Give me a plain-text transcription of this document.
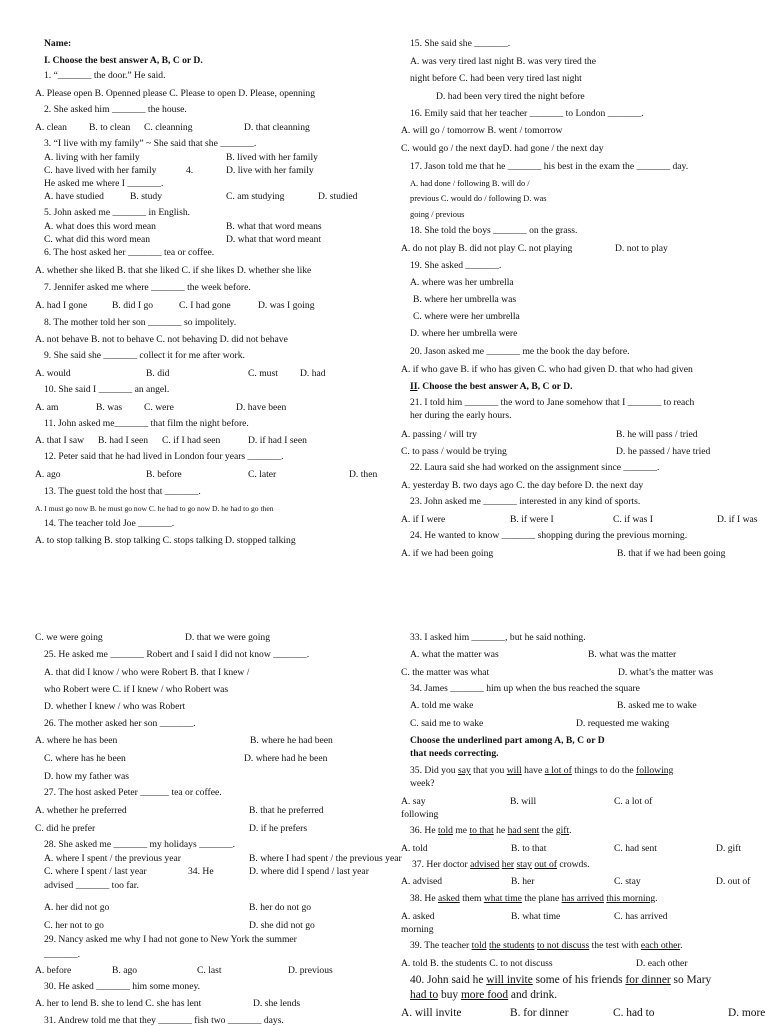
Name:
I. Choose the best answer A, B, C or D.
1. “_______ the door.” He said.
A. Please open B. Openned please C. Please to open D. Please, openning
2. She asked him _______ the house.
A. clean B. to clean C. cleanning	D. that cleanning
3. “I live with my family” ~ She said that she _______.
A. living with her family	B. lived with her family
C. have lived with her family	4.	D. live with her family
He asked me where I _______.
A. have studied	B. study	C. am studying	D. studied
5. John asked me _______ in English.
A. what does this word mean	B. what that word means
C. what did this word mean	D. what that word meant
6. The host asked her _______ tea or coffee.
A. whether she liked B. that she liked C. if she likes D. whether she like
7. Jennifer asked me where _______ the week before.
A. had I gone	B. did I go	C. I had gone	D. was I going
8. The mother told her son _______ so impolitely.
A. not behave B. not to behave C. not behaving D. did not behave
9. She said she _______ collect it for me after work.
A. would	B. did	C. must D. had
10. She said I _______ an angel.
A. am	B. was C. were	D. have been
11. John asked me_______ that film the night before.
A. that I saw B. had I seen C. if I had seen	D. if had I seen
12. Peter said that he had lived in London four years _______.
A. ago	B. before	C. later	D. then
13. The guest told the host that _______.
A. I must go now B. he must go now C. he had to go now D. he had to go then
14. The teacher told Joe _______.
A. to stop talking B. stop talking C. stops talking D. stopped talking
15. She said she _______.
A. was very tired last night B. was very tired the
night before C. had been very tired last night
D. had been very tired the night before
16. Emily said that her teacher _______ to London _______.
A. will go / tomorrow B. went / tomorrow
C. would go / the next dayD. had gone / the next day
17. Jason told me that he _______ his best in the exam the _______ day.
A. had done / following B. will do /
previous C. would do / following D. was
going / previous
18. She told the boys _______ on the grass.
A. do not play B. did not play C. not playing	D. not to play
19. She asked _______.
A. where was her umbrella
B. where her umbrella was
C. where were her umbrella
D. where her umbrella were
20. Jason asked me _______ me the book the day before.
A. if who gave B. if who has given C. who had given D. that who had given
II. Choose the best answer A, B, C or D.
21. I told him _______ the word to Jane somehow that I _______ to reach
her during the early hours.
A. passing / will try	B. he will pass / tried
C. to pass / would be trying	D. he passed / have tried
22. Laura said she had worked on the assignment since _______.
A. yesterday B. two days ago C. the day before D. the next day
23. John asked me _______ interested in any kind of sports.
A. if I were	B. if were I	C. if was I	D. if I was
24. He wanted to know _______ shopping during the previous morning.
A. if we had been going	B. that if we had been going
C. we were going	D. that we were going
25. He asked me _______ Robert and I said I did not know _______.
A. that did I know / who were Robert B. that I knew /
who Robert were C. if I knew / who Robert was
D. whether I knew / who was Robert
26. The mother asked her son _______.
A. where he has been	B. where he had been
C. where has he been	D. where had he been
D. how my father was
27. The host asked Peter ______ tea or coffee.
A. whether he preferred	B. that he preferred
C. did he prefer	D. if he prefers
28. She asked me _______ my holidays _______.
A. where I spent / the previous year	B. where I had spent / the previous year
C. where I spent / last year	34. He	D. where did I spend / last year
advised _______ too far.
A. her did not go	B. her do not go
C. her not to go	D. she did not go
29. Nancy asked me why I had not gone to New York the summer
_______.
A. before	B. ago	C. last	D. previous
30. He asked _______ him some money.
A. her to lend B. she to lend C. she has lent	D. she lends
31. Andrew told me that they _______ fish two _______ days.
33. I asked him _______, but he said nothing.
A. what the matter was	B. what was the matter
C. the matter was what	D. what’s the matter was
34. James _______ him up when the bus reached the square
A. told me wake	B. asked me to wake
C. said me to wake	D. requested me waking
Choose the underlined part among A, B, C or D
that needs correcting.
35. Did you say that you will have a lot of things to do the following
week?
A. say	B. will	C. a lot of
following
36. He told me to that he had sent the gift.
A. told	B. to that	C. had sent	D. gift
37. Her doctor advised her stay out of crowds.
A. advised	B. her	C. stay	D. out of
38. He asked them what time the plane has arrived this morning.
A. asked	B. what time	C. has arrived
morning
39. The teacher told the students to not discuss the test with each other.
A. told B. the students C. to not discuss	D. each other
40. John said he will invite some of his friends for dinner so Mary
had to buy more food and drink.
A. will invite	B. for dinner	C. had to	D. more
